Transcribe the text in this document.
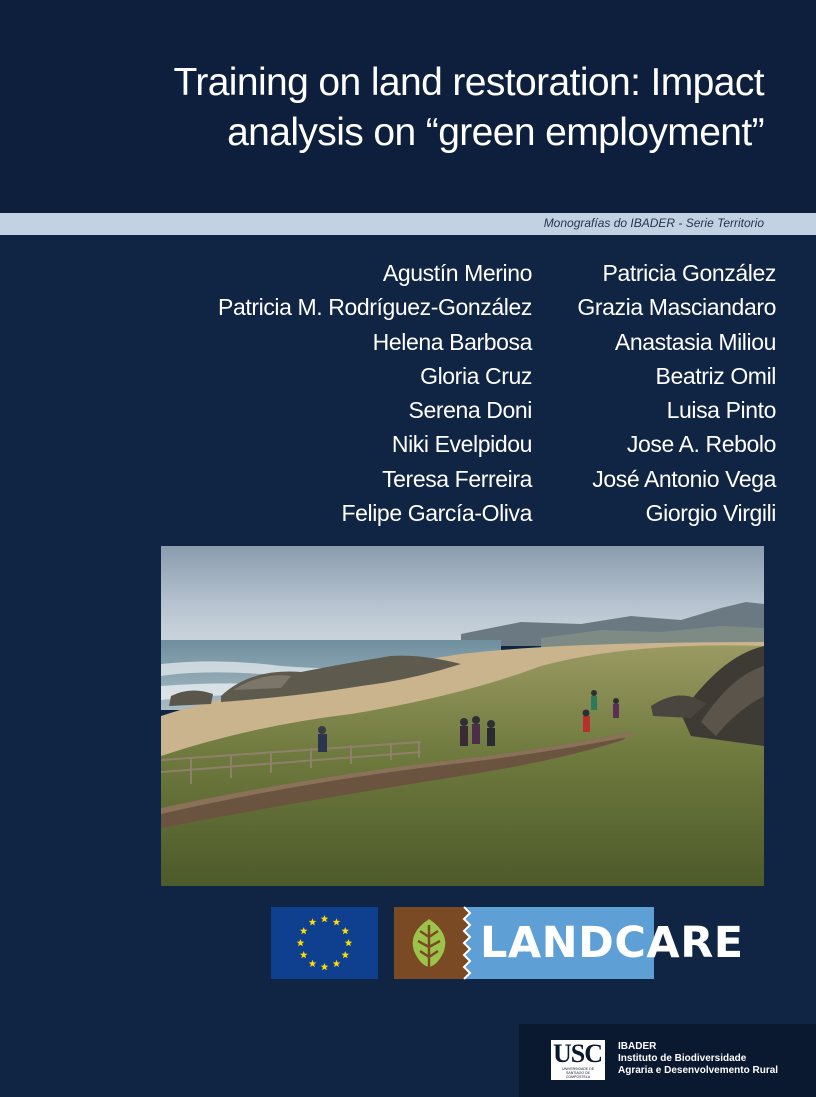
Training on land restoration: Impact
analysis on “green employment”
Monografías do IBADER - Serie Territorio
Agustín Merino
Patricia M. Rodríguez-González
Helena Barbosa
Gloria Cruz
Serena Doni
Niki Evelpidou
Teresa Ferreira
Felipe García-Oliva
Patricia González
Grazia Masciandaro
Anastasia Miliou
Beatriz Omil
Luisa Pinto
Jose A. Rebolo
José Antonio Vega
Giorgio Virgili
LANDCARE
USC
UNIVERSIDADE DE SANTIAGO DE COMPOSTELA
IBADER
Instituto de Biodiversidade
Agraria e Desenvolvemento Rural
